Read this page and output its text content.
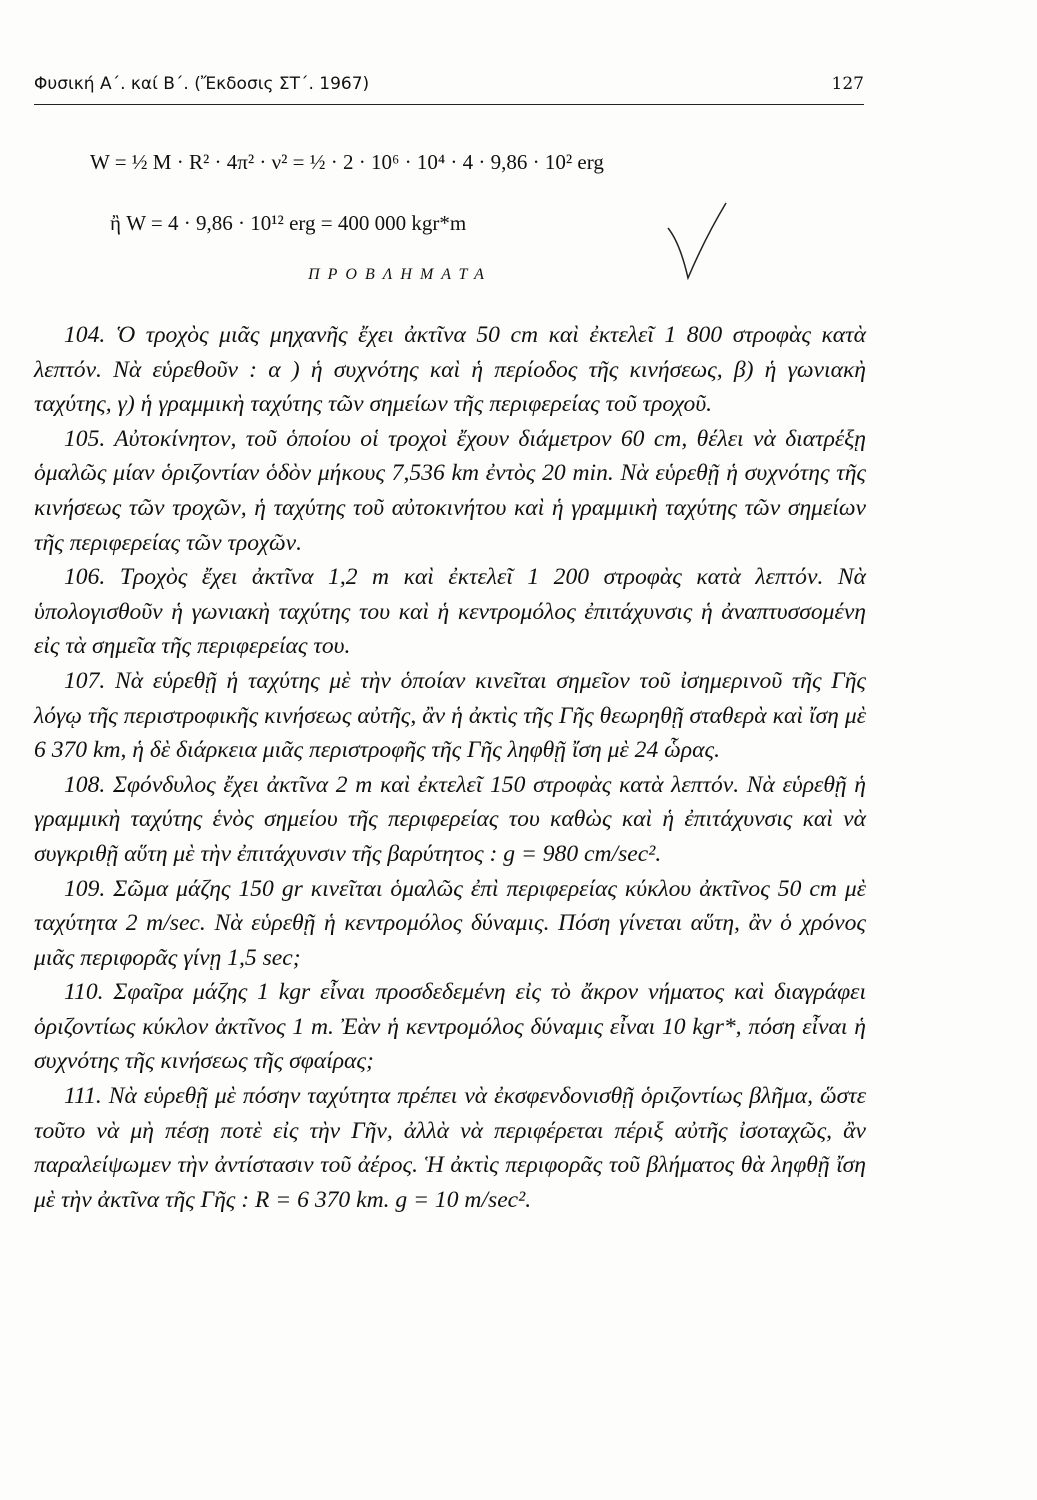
Φυσική Α΄. καί Β΄. (Ἔκδοσις ΣΤ΄. 1967)	127
W = ½ M · R² · 4π² · ν² = ½ · 2 · 10⁶ · 10⁴ · 4 · 9,86 · 10² erg
ἢ W = 4 · 9,86 · 10¹² erg = 400 000 kgr*m
ΠΡΟΒΛΗΜΑΤΑ

104. Ὁ τροχὸς μιᾶς μηχανῆς ἔχει ἀκτῖνα 50 cm καὶ ἐκτελεῖ 1 800 στροφὰς κατὰ λεπτόν. Νὰ εὑρεθοῦν : α ) ἡ συχνότης καὶ ἡ περίοδος τῆς κινήσεως, β) ἡ γωνιακὴ ταχύτης, γ) ἡ γραμμικὴ ταχύτης τῶν σημείων τῆς περιφερείας τοῦ τροχοῦ.

105. Αὐτοκίνητον, τοῦ ὁποίου οἱ τροχοὶ ἔχουν διάμετρον 60 cm, θέλει νὰ διατρέξῃ ὁμαλῶς μίαν ὁριζοντίαν ὁδὸν μήκους 7,536 km ἐντὸς 20 min. Νὰ εὑρεθῇ ἡ συχνότης τῆς κινήσεως τῶν τροχῶν, ἡ ταχύτης τοῦ αὐτοκινήτου καὶ ἡ γραμμικὴ ταχύτης τῶν σημείων τῆς περιφερείας τῶν τροχῶν.

106. Τροχὸς ἔχει ἀκτῖνα 1,2 m καὶ ἐκτελεῖ 1 200 στροφὰς κατὰ λεπτόν. Νὰ ὑπολογισθοῦν ἡ γωνιακὴ ταχύτης του καὶ ἡ κεντρομόλος ἐπιτάχυνσις ἡ ἀναπτυσσομένη εἰς τὰ σημεῖα τῆς περιφερείας του.

107. Νὰ εὑρεθῇ ἡ ταχύτης μὲ τὴν ὁποίαν κινεῖται σημεῖον τοῦ ἰσημερινοῦ τῆς Γῆς λόγῳ τῆς περιστροφικῆς κινήσεως αὐτῆς, ἂν ἡ ἀκτὶς τῆς Γῆς θεωρηθῇ σταθερὰ καὶ ἴση μὲ 6 370 km, ἡ δὲ διάρκεια μιᾶς περιστροφῆς τῆς Γῆς ληφθῇ ἴση μὲ 24 ὧρας.

108. Σφόνδυλος ἔχει ἀκτῖνα 2 m καὶ ἐκτελεῖ 150 στροφὰς κατὰ λεπτόν. Νὰ εὑρεθῇ ἡ γραμμικὴ ταχύτης ἑνὸς σημείου τῆς περιφερείας του καθὼς καὶ ἡ ἐπιτάχυνσις καὶ νὰ συγκριθῇ αὕτη μὲ τὴν ἐπιτάχυνσιν τῆς βαρύτητος : g = 980 cm/sec².

109. Σῶμα μάζης 150 gr κινεῖται ὁμαλῶς ἐπὶ περιφερείας κύκλου ἀκτῖνος 50 cm μὲ ταχύτητα 2 m/sec. Νὰ εὑρεθῇ ἡ κεντρομόλος δύναμις. Πόση γίνεται αὕτη, ἂν ὁ χρόνος μιᾶς περιφορᾶς γίνῃ 1,5 sec;

110. Σφαῖρα μάζης 1 kgr εἶναι προσδεδεμένη εἰς τὸ ἄκρον νήματος καὶ διαγράφει ὁριζοντίως κύκλον ἀκτῖνος 1 m. Ἐὰν ἡ κεντρομόλος δύναμις εἶναι 10 kgr*, πόση εἶναι ἡ συχνότης τῆς κινήσεως τῆς σφαίρας;

111. Νὰ εὑρεθῇ μὲ πόσην ταχύτητα πρέπει νὰ ἐκσφενδονισθῇ ὁριζοντίως βλῆμα, ὥστε τοῦτο νὰ μὴ πέσῃ ποτὲ εἰς τὴν Γῆν, ἀλλὰ νὰ περιφέρεται πέριξ αὐτῆς ἰσοταχῶς, ἂν παραλείψωμεν τὴν ἀντίστασιν τοῦ ἀέρος. Ἡ ἀκτὶς περιφορᾶς τοῦ βλήματος θὰ ληφθῇ ἴση μὲ τὴν ἀκτῖνα τῆς Γῆς : R = 6 370 km. g = 10 m/sec².
